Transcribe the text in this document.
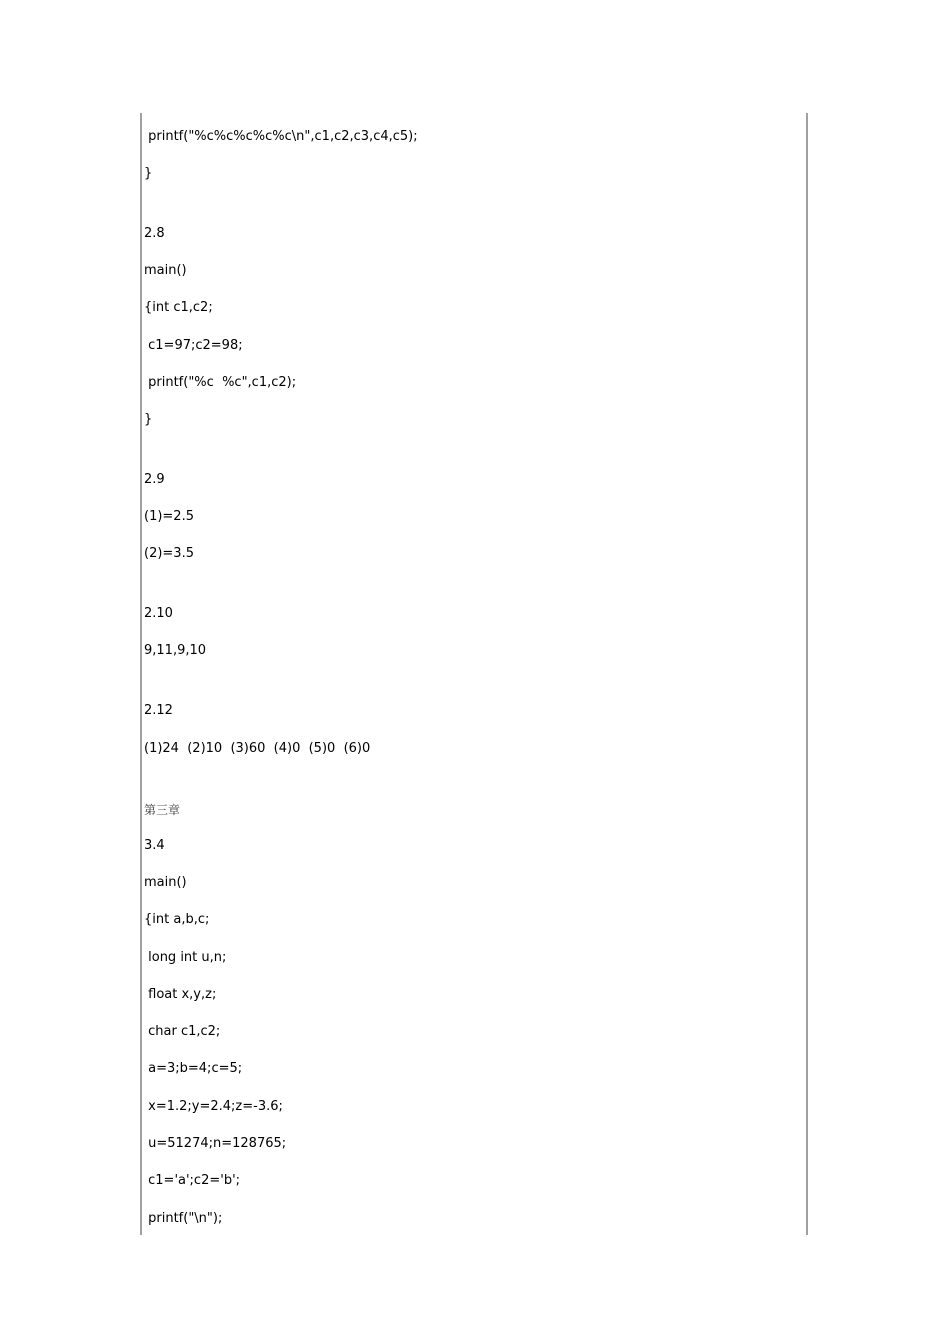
printf("%c%c%c%c%c\n",c1,c2,c3,c4,c5);
}
2.8
main()
{int c1,c2;
c1=97;c2=98;
printf("%c  %c",c1,c2);
}
2.9
(1)=2.5
(2)=3.5
2.10
9,11,9,10
2.12
(1)24  (2)10  (3)60  (4)0  (5)0  (6)0
第三章
3.4
main()
{int a,b,c;
long int u,n;
float x,y,z;
char c1,c2;
a=3;b=4;c=5;
x=1.2;y=2.4;z=-3.6;
u=51274;n=128765;
c1='a';c2='b';
printf("\n");
